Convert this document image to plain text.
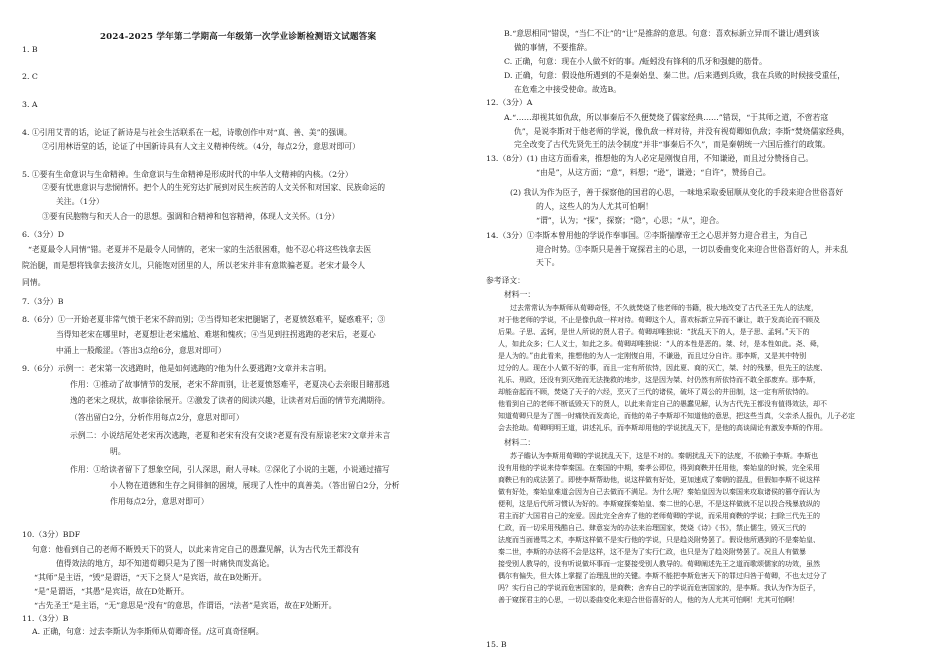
2024-2025 学年第二学期高一年级第一次学业诊断检测语文试题答案
1. B
2. C
3. A
4. ①引用艾青的话，论证了新诗是与社会生活联系在一起，诗歌创作中对“真、善、美”的强调。
②引用林语堂的话，论证了中国新诗具有人文主义精神传统。（4分，每点2分，意思对即可）
5. ①要有生命意识与生命精神。生命意识与生命精神是形成时代的中华人文精神的内核。（2分）
②要有忧患意识与悲悯情怀。把个人的生死穷达扩展到对民生疾苦的人文关怀和对国家、民族命运的
关注。（1分）
③要有民胞物与和天人合一的思想。强调和合精神和包容精神，体现人文关怀。（1分）
6.（3分）D
“老夏最令人同情”错。老夏并不是最令人同情的，老宋一家的生活很困难，他不忍心将这些钱拿去医
院治腿，而是想将钱拿去接济女儿，只能饱对团里的人，所以老宋并非有意欺骗老夏。老宋才最令人
同情。
7.（3分）B
8.（6分）①一开始老夏非常气愤于老宋不辞而别；②当得知老宋把腿锯了，老夏愤怒难平，疑惑难平；③
当得知老宋在哪里时，老夏想让老宋尴尬、难堪和愧疚；④当见到拄拐逃跑的老宋后，老夏心
中涌上一股酸涩。（答出3点给6分，意思对即可）
9.（6分）示例一：老宋第一次逃跑时，他是如何逃跑的?他为什么要逃跑?文章并未言明。
作用：①推动了故事情节的发展，老宋不辞而别，让老夏愤怒难平，老夏决心去亲眼目睹那逃
逸的老宋之现状，故事徐徐展开。②激发了读者的阅读兴趣，让读者对后面的情节充满期待。
（答出留白2分，分析作用每点2分，意思对即可）
示例二：小说结尾处老宋再次逃跑，老夏和老宋有没有交谈?老夏有没有原谅老宋?文章并未言
明。
作用：①给读者留下了想象空间，引人深思，耐人寻味。②深化了小说的主题，小说通过描写
小人物在道德和生存之间徘徊的困境，展现了人性中的真善美。（答出留白2分，分析
作用每点2分，意思对即可）
10.（3分）BDF
句意：他看到自己的老师不断毁天下的贤人，以此来肯定自己的愚蠢见解，认为古代先王都没有
值得效法的地方，却不知道荀卿只是为了图一时痛快而发高论。
“其师”是主语，“毁”是谓语，“天下之贤人”是宾语，故在B处断开。
“是”是谓语，“其愚”是宾语，故在D处断开。
“古先圣王”是主语，“无”意思是“没有”的意思，作谓语，“法者”是宾语，故在F处断开。
11.（3分）B
A. 正确，句意：过去李斯认为李斯师从荀卿奇怪。/这可真奇怪啊。
B.“意思相同”错误，“当仁不让”的“让”是推辞的意思。句意：喜欢标新立异而不谦让/遇到该
做的事情，不要推辞。
C. 正确，句意：现在小人做不好的事。/蚯蚓没有锋利的爪牙和强健的筋骨。
D. 正确，句意：假设他所遇到的不是秦始皇、秦二世。/后来遇到兵败，我在兵败的时候接受重任，
在危难之中接受使命。故选B。
12.（3分）A
A.“……却视其如仇敌，所以事秦后不久便焚烧了儒家经典……”错误，“于其师之道，不啻若寇
仇”，是说李斯对于他老师的学说，像仇敌一样对待，并没有视荀卿如仇敌；李斯“焚烧儒家经典，
完全改变了古代先贤先王的法令制度”并非“事秦后不久”，而是秦朝统一六国后推行的政策。
13.（8分）(1) 由这方面看来，推想他的为人必定是刚愎自用，不知谦逊，而且过分赞扬自己。
“由是”，从这方面；“意”，料想；“逊”，谦逊；“自许”，赞扬自己。
(2) 我认为作为臣子，善于探察他的国君的心思，一味地采取委屈顺从变化的手段来迎合世俗喜好
的人，这些人的为人尤其可怕啊！
“谓”，认为；“探”，探察；“隐”，心思；“从”，迎合。
14.（3分）①李斯本曾用他的学说作奉事国。②李斯揣摩帝王之心思并努力迎合君主，为自己
迎合时势。③李斯只是善于窥探君主的心思，一切以委曲变化来迎合世俗喜好的人，并未乱
天下。
参考译文：
材料一：
过去常常认为李斯师从荀卿奇怪，不久就焚烧了他老师的书籍，极大地改变了古代圣王先人的法度，
对于他老师的学说，不止是像仇敌一样对待。荀卿这个人，喜欢标新立异而不谦让，敢于发高论而不顾及
后果。子思、孟轲，是世人所说的贤人君子。荀卿却唯独说：“扰乱天下的人，是子思、孟轲。”天下的
人，如此众多；仁人义士，如此之多。荀卿却唯独说：“人的本性是恶的。桀、纣，是本性如此。尧、舜，
是人为的。”由此看来，推想他的为人一定刚愎自用，不谦逊，而且过分自许。那李斯，又是其中特别
过分的人。现在小人做不好的事，而且一定有所依恃，因此夏、商的灭亡，桀、纣的残暴，但先王的法度、
礼乐、刑政，还没有到灭绝而无法挽救的地步，这是因为桀、纣仍然有所依恃而不敢全部废弃。那李斯，
却能奋起而不顾，焚烧了天子的六经，烹灭了三代的诸侯，破坏了周公的井田制，这一定有所依恃的。
他看到自己的老师不断诋毁天下的贤人，以此来肯定自己的愚蠢见解，认为古代先王都没有值得效法，却不
知道荀卿只是为了图一时痛快而发高论，而他的弟子李斯却不知道他的意思，把这些当真，父亲杀人报仇，儿子必定
会去抢劫。荀卿明明王道，讲述礼乐，而李斯却用他的学说扰乱天下，是他的高谈阔论有激发李斯的作用。
材料二：
苏子瞻认为李斯用荀卿的学说扰乱天下，这是不对的。秦朝扰乱天下的法度，不依赖于李斯。李斯也
没有用他的学说来侍奉秦国。在秦国的中期，秦孝公即位，得到商鞅并任用他，秦始皇的时候，完全采用
商鞅已有的成法罢了。即使李斯帮助他，说这样做有好处，更加速成了秦朝的混乱，但假如李斯不说这样
做有好处，秦始皇难道会因为自己去做而不满足。为什么呢？秦始皇因为以秦国来攻取诸侯的篡夺而认为
便利，这是后代所习惯认为好的。李斯窥探秦始皇、秦二世的心思，不是这样做就不足以投合残暴放纵的
君主而扩大国君自己的宠爱。因此完全舍弃了他的老师荀卿的学说，而采用商鞅的学说；扫除三代先王的
仁政，而一切采用残酷自己、肆意妄为的办法来治理国家，焚烧《诗》《书》，禁止儒生，毁灭三代的
法度而当面谩骂之术，李斯这样做不是实行他的学说，只是趋炎附势罢了。假设他所遇到的不是秦始皇、
秦二世，李斯的办法将不会是这样，这不是为了实行仁政，也只是为了趋炎附势罢了。况且人有做暴
接受别人教导的，没有听说做坏事而一定要接受别人教导的。荀卿阐述先王之道而歌颂儒家的功效，虽然
偶尔有偏失，但大体上掌握了治理乱世的关键。李斯不能把李斯危害天下的罪过归咎于荀卿，不也太过分了
吗？实行自己的学说而危害国家的，是商鞅；舍弃自己的学说而危害国家的，是李斯。我认为作为臣子，
善于窥探君主的心思，一切以委曲变化来迎合世俗喜好的人，他的为人尤其可怕啊！尤其可怕啊！
15. B
